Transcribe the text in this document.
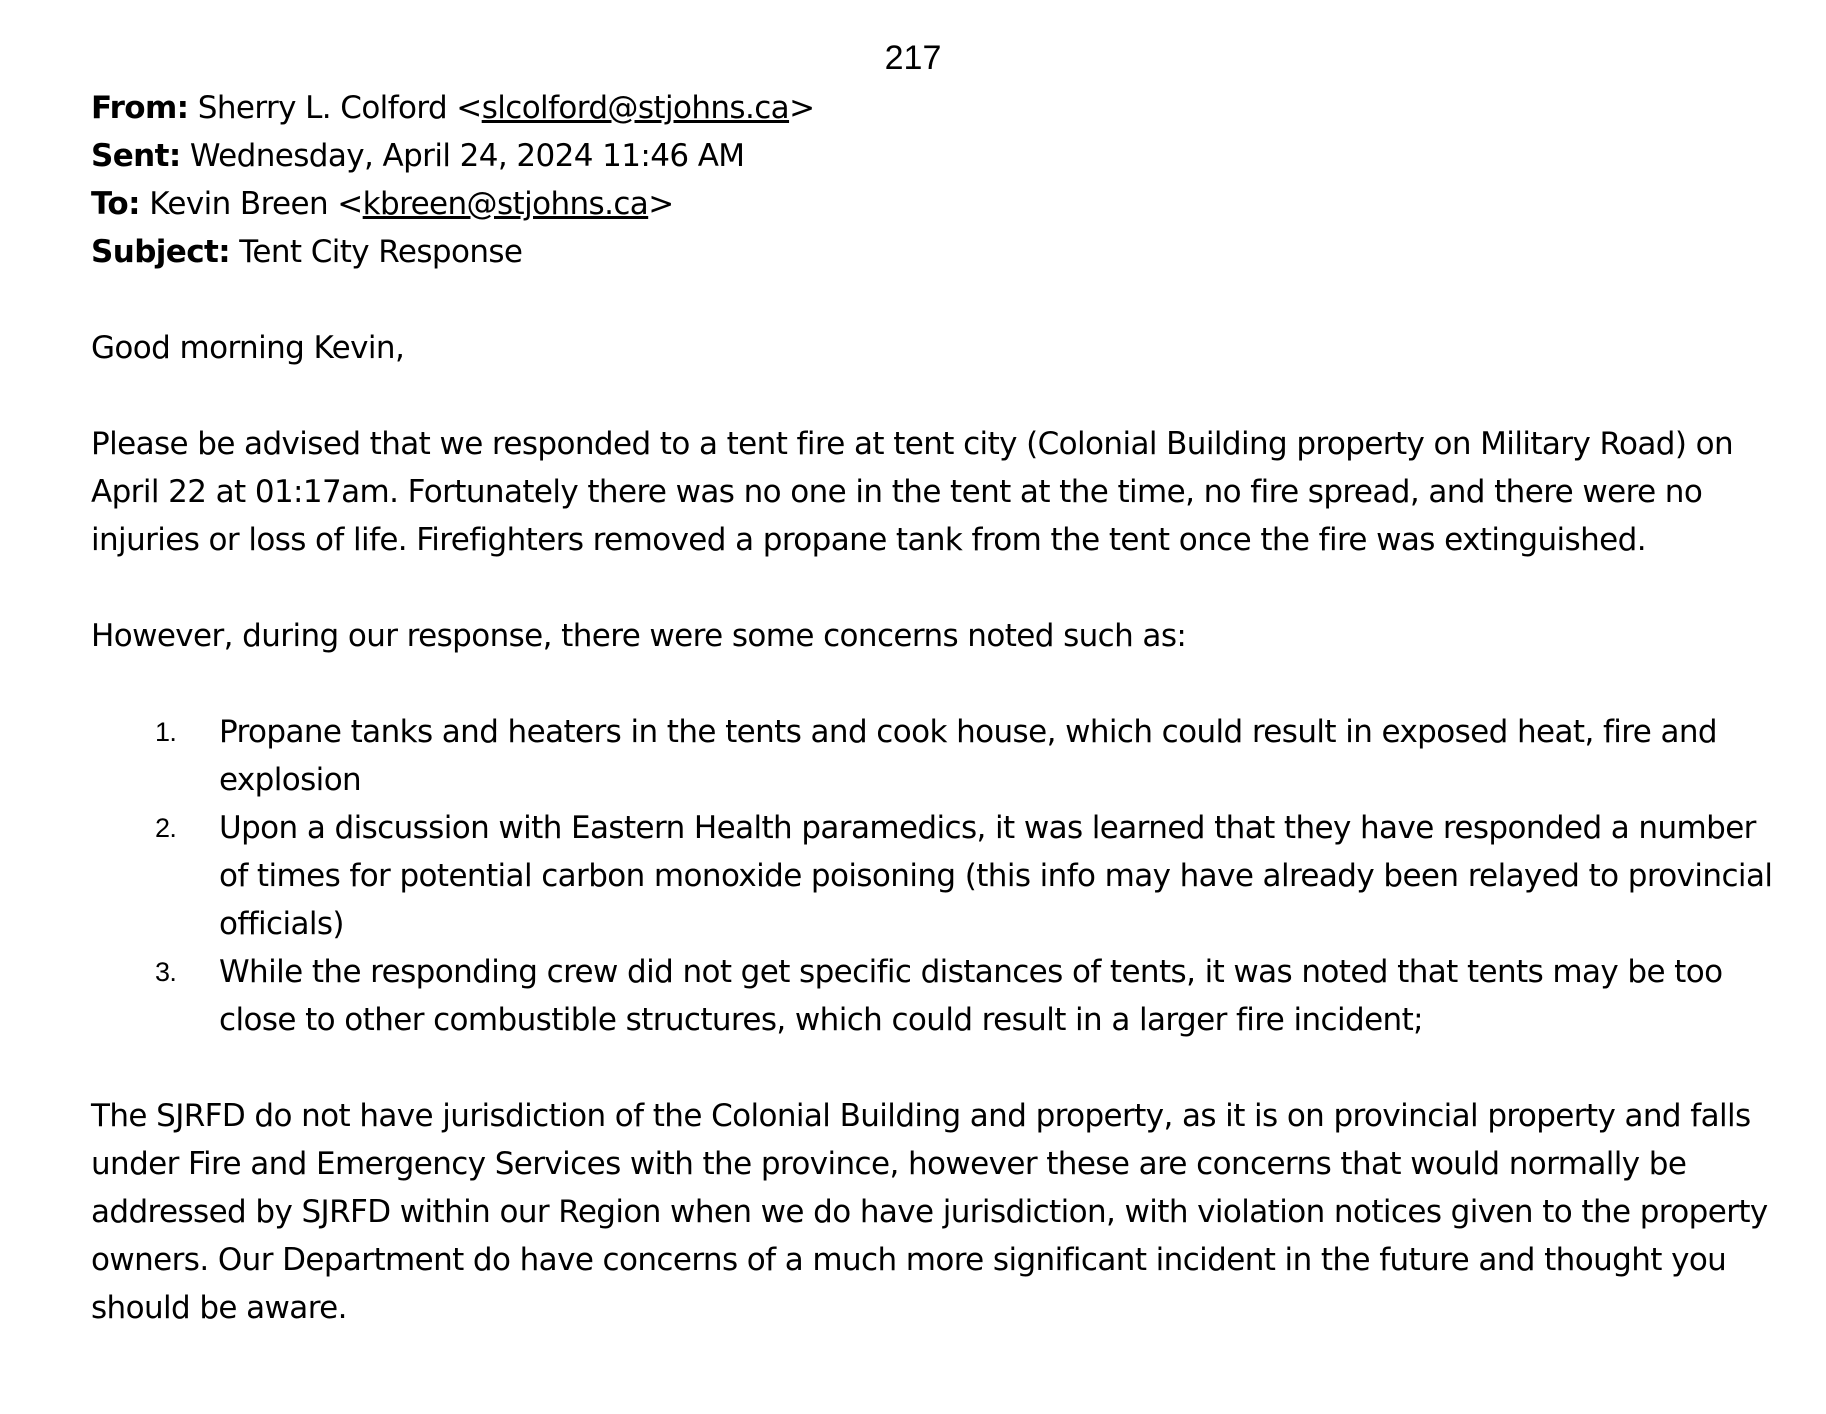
217
From: Sherry L. Colford <slcolford@stjohns.ca>
Sent: Wednesday, April 24, 2024 11:46 AM
To: Kevin Breen <kbreen@stjohns.ca>
Subject: Tent City Response

Good morning Kevin,

Please be advised that we responded to a tent fire at tent city (Colonial Building property on Military Road) on April 22 at 01:17am. Fortunately there was no one in the tent at the time, no fire spread, and there were no injuries or loss of life. Firefighters removed a propane tank from the tent once the fire was extinguished.

However, during our response, there were some concerns noted such as:

1. Propane tanks and heaters in the tents and cook house, which could result in exposed heat, fire and explosion
2. Upon a discussion with Eastern Health paramedics, it was learned that they have responded a number of times for potential carbon monoxide poisoning (this info may have already been relayed to provincial officials)
3. While the responding crew did not get specific distances of tents, it was noted that tents may be too close to other combustible structures, which could result in a larger fire incident;

The SJRFD do not have jurisdiction of the Colonial Building and property, as it is on provincial property and falls under Fire and Emergency Services with the province, however these are concerns that would normally be addressed by SJRFD within our Region when we do have jurisdiction, with violation notices given to the property owners. Our Department do have concerns of a much more significant incident in the future and thought you should be aware.
